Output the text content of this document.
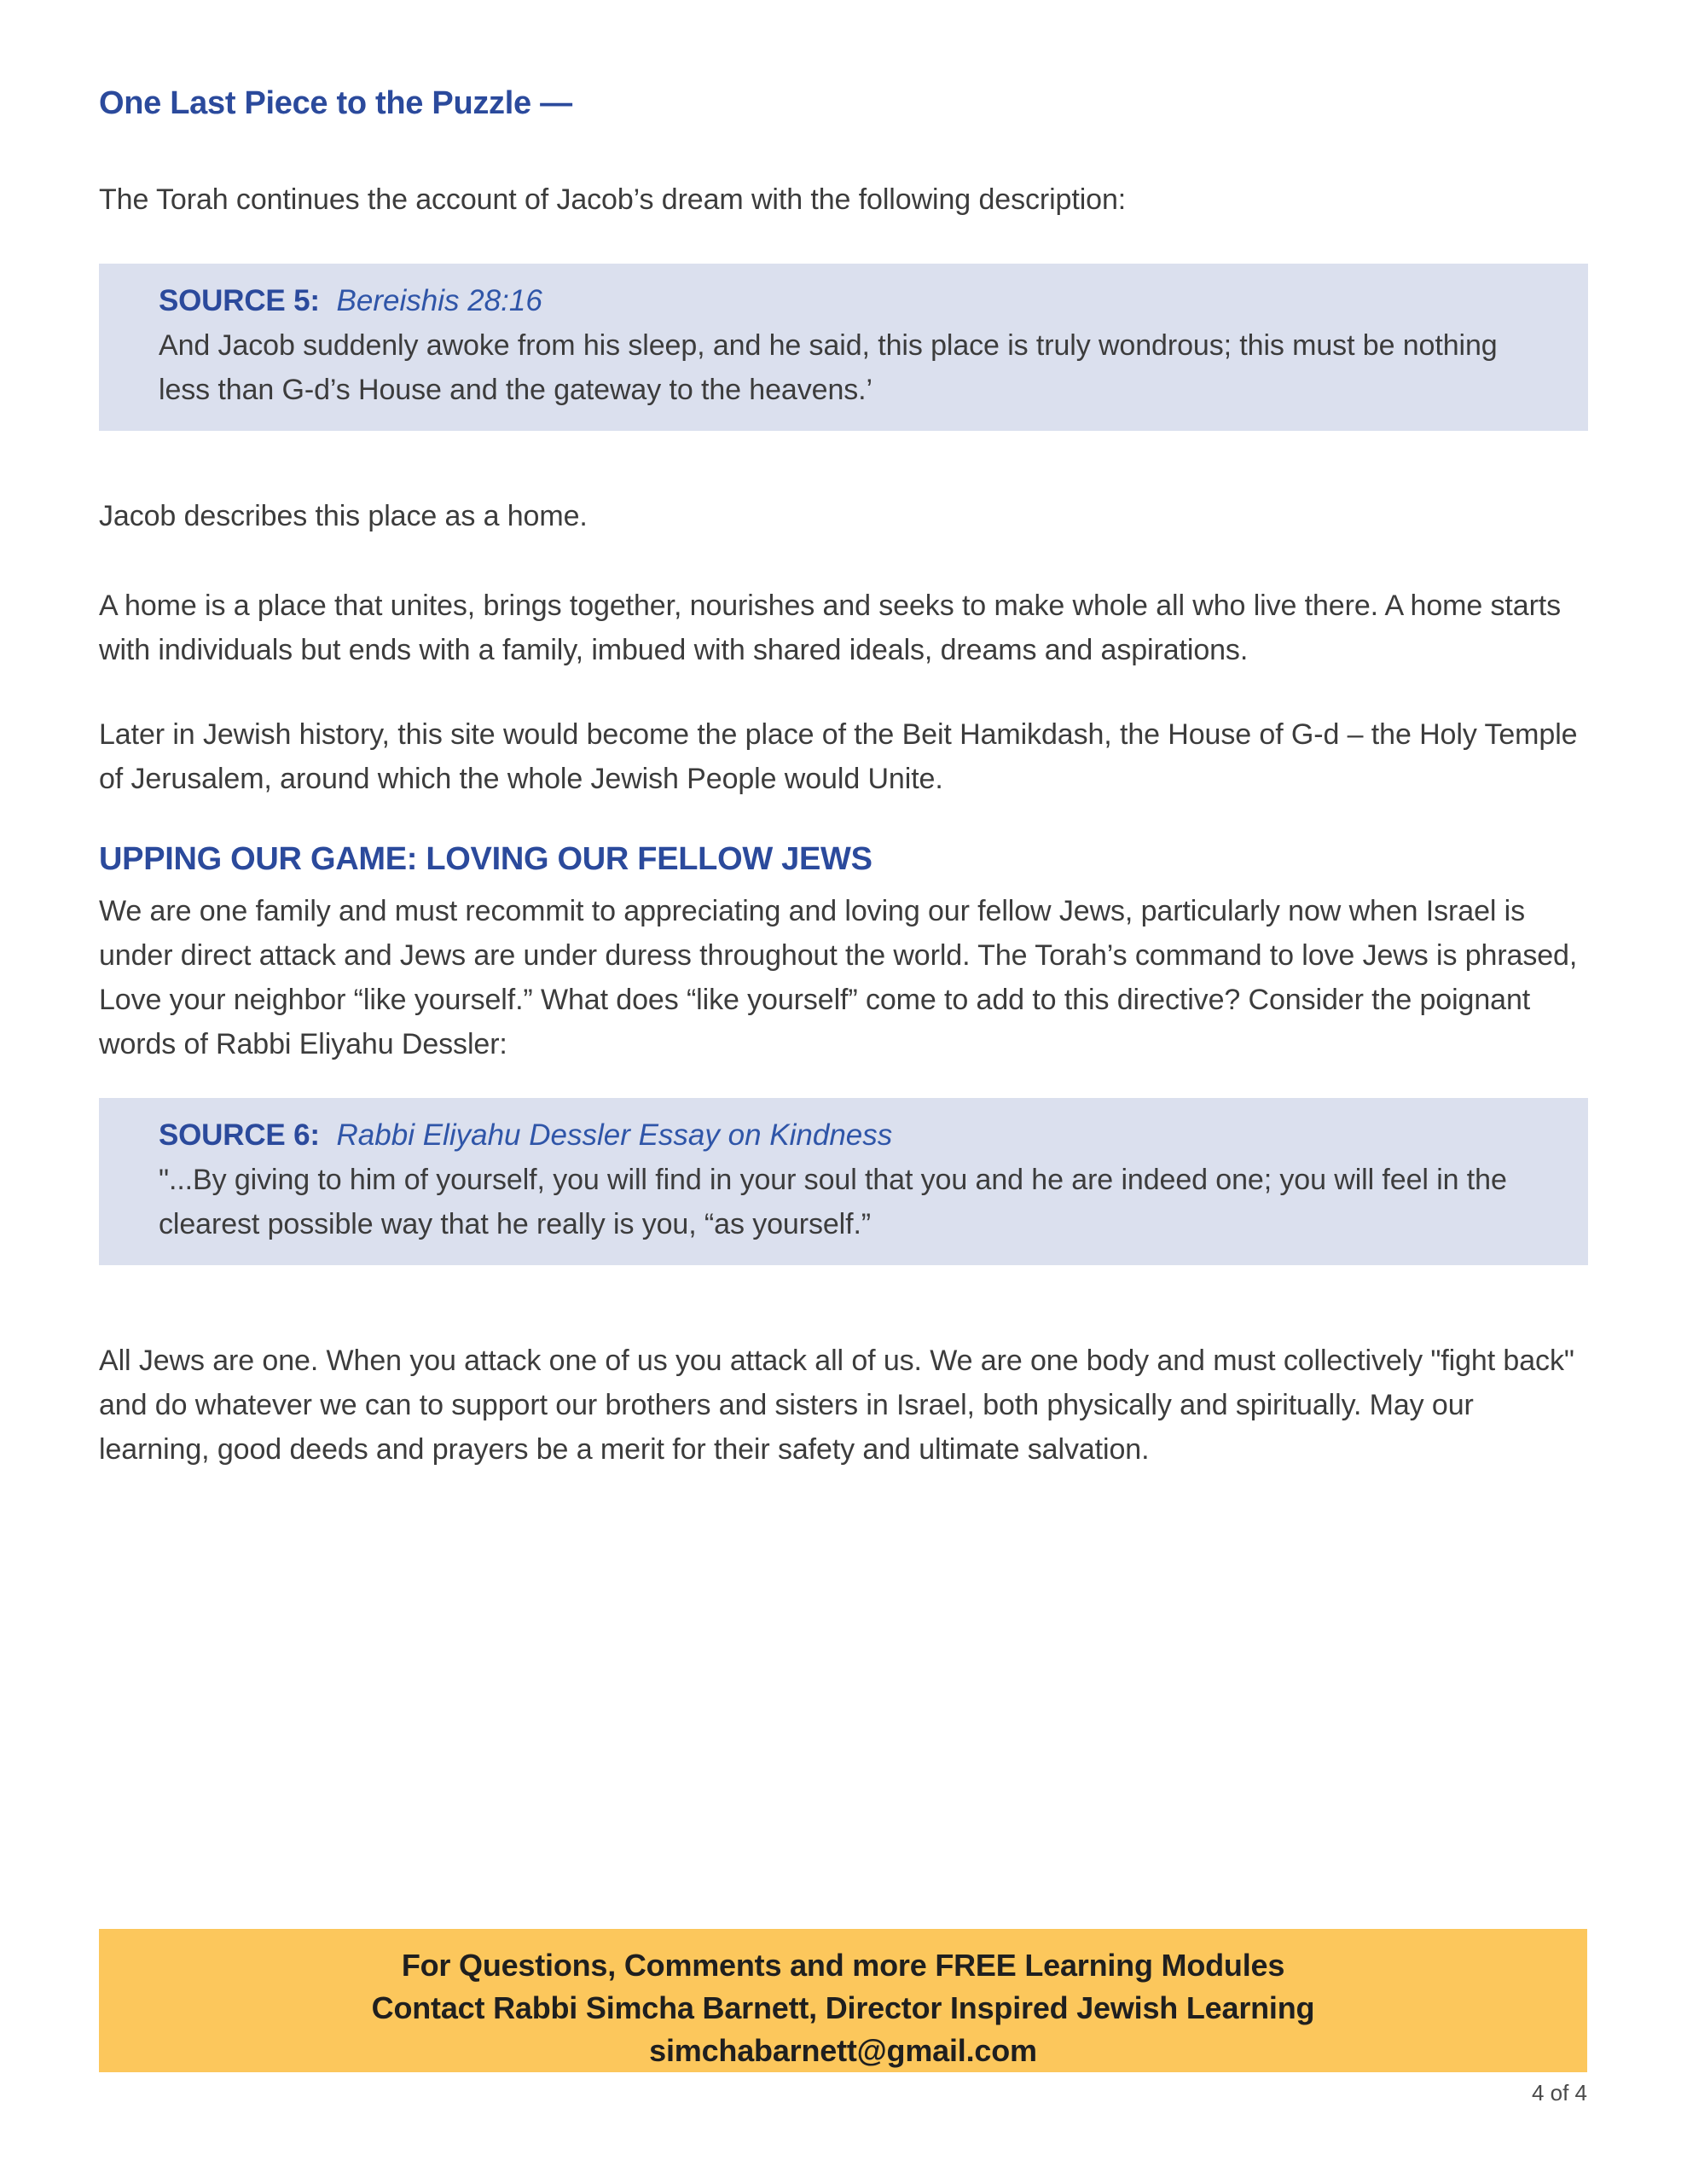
One Last Piece to the Puzzle —

The Torah continues the account of Jacob’s dream with the following description:

SOURCE 5: Bereishis 28:16

And Jacob suddenly awoke from his sleep, and he said, this place is truly wondrous; this must be nothing less than G-d’s House and the gateway to the heavens.’

Jacob describes this place as a home.

A home is a place that unites, brings together, nourishes and seeks to make whole all who live there. A home starts with individuals but ends with a family, imbued with shared ideals, dreams and aspirations.

Later in Jewish history, this site would become the place of the Beit Hamikdash, the House of G-d – the Holy Temple of Jerusalem, around which the whole Jewish People would Unite.

UPPING OUR GAME: LOVING OUR FELLOW JEWS

We are one family and must recommit to appreciating and loving our fellow Jews, particularly now when Israel is under direct attack and Jews are under duress throughout the world. The Torah’s command to love Jews is phrased, Love your neighbor “like yourself.” What does “like yourself” come to add to this directive? Consider the poignant words of Rabbi Eliyahu Dessler:

SOURCE 6: Rabbi Eliyahu Dessler Essay on Kindness

"...By giving to him of yourself, you will find in your soul that you and he are indeed one; you will feel in the clearest possible way that he really is you, “as yourself.”

All Jews are one. When you attack one of us you attack all of us. We are one body and must collectively "fight back" and do whatever we can to support our brothers and sisters in Israel, both physically and spiritually. May our learning, good deeds and prayers be a merit for their safety and ultimate salvation.

For Questions, Comments and more FREE Learning Modules

Contact Rabbi Simcha Barnett, Director Inspired Jewish Learning

simchabarnett@gmail.com

4 of 4
